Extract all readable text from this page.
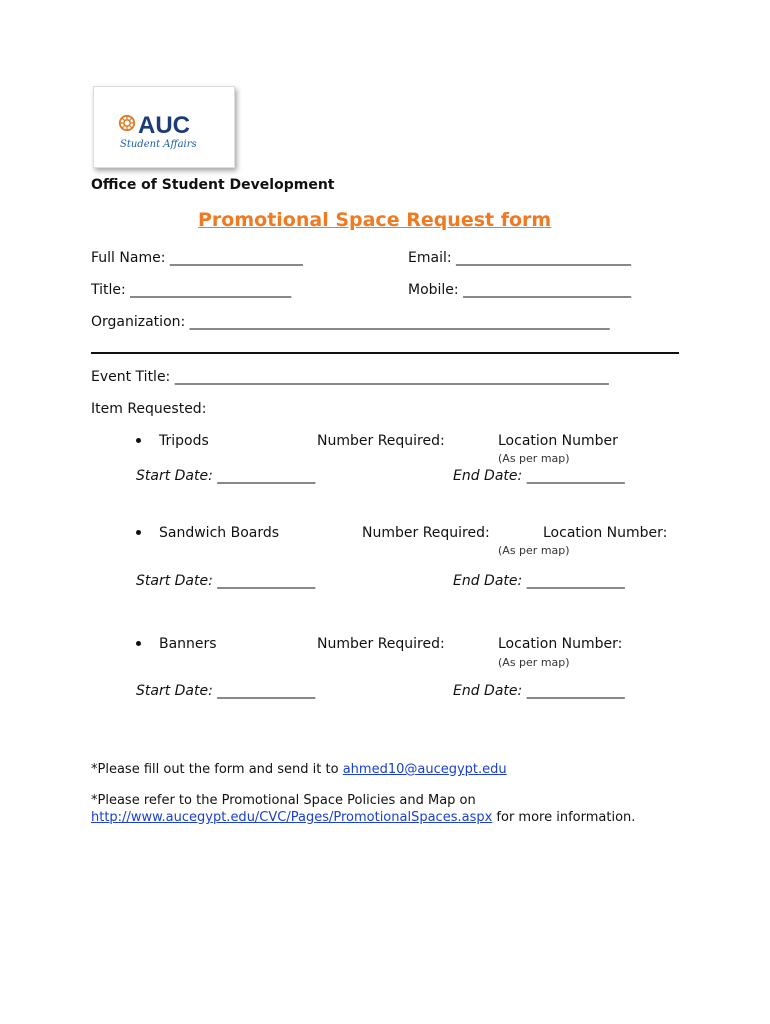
AUC
Student Affairs
Office of Student Development
Promotional Space Request form
Full Name: ___________________	Email: _________________________
Title: _______________________	Mobile: ________________________
Organization: ____________________________________________________________
Event Title: ______________________________________________________________
Item Requested:
Tripods	Number Required:	Location Number
(As per map)
Start Date: ______________	End Date: ______________
Sandwich Boards	Number Required:	Location Number:
(As per map)
Start Date: ______________	End Date: ______________
Banners	Number Required:	Location Number:
(As per map)
Start Date: ______________	End Date: ______________
*Please fill out the form and send it to ahmed10@aucegypt.edu
*Please refer to the Promotional Space Policies and Map on
http://www.aucegypt.edu/CVC/Pages/PromotionalSpaces.aspx for more information.
